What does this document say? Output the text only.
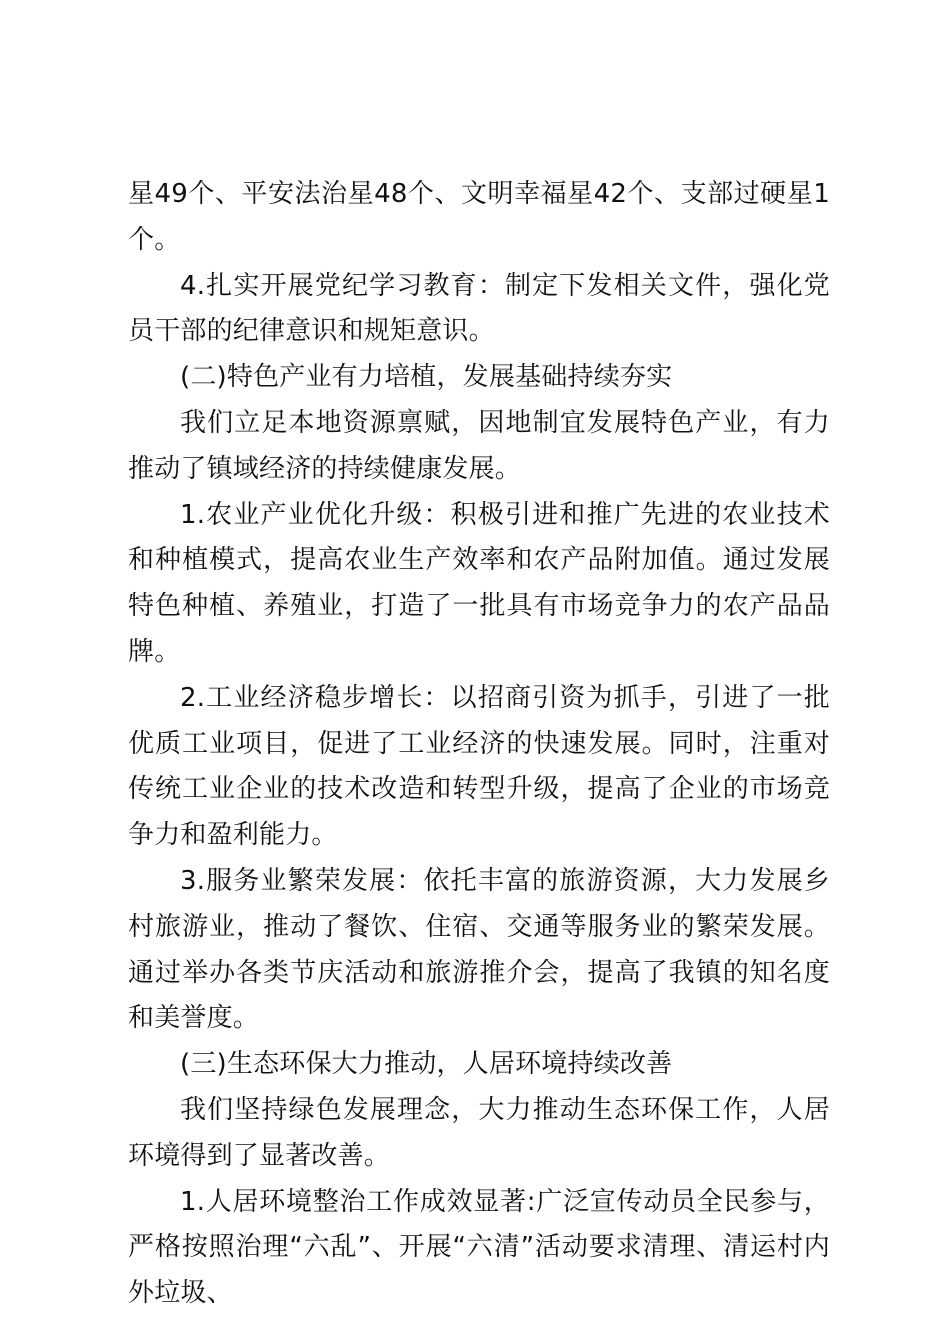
星49个、平安法治星48个、文明幸福星42个、支部过硬星1个。

4.扎实开展党纪学习教育：制定下发相关文件，强化党员干部的纪律意识和规矩意识。

(二)特色产业有力培植，发展基础持续夯实

我们立足本地资源禀赋，因地制宜发展特色产业，有力推动了镇域经济的持续健康发展。

1.农业产业优化升级：积极引进和推广先进的农业技术和种植模式，提高农业生产效率和农产品附加值。通过发展特色种植、养殖业，打造了一批具有市场竞争力的农产品品牌。

2.工业经济稳步增长：以招商引资为抓手，引进了一批优质工业项目，促进了工业经济的快速发展。同时，注重对传统工业企业的技术改造和转型升级，提高了企业的市场竞争力和盈利能力。

3.服务业繁荣发展：依托丰富的旅游资源，大力发展乡村旅游业，推动了餐饮、住宿、交通等服务业的繁荣发展。通过举办各类节庆活动和旅游推介会，提高了我镇的知名度和美誉度。

(三)生态环保大力推动，人居环境持续改善

我们坚持绿色发展理念，大力推动生态环保工作，人居环境得到了显著改善。

1.人居环境整治工作成效显著:广泛宣传动员全民参与，严格按照治理“六乱”、开展“六清”活动要求清理、清运村内外垃圾、
